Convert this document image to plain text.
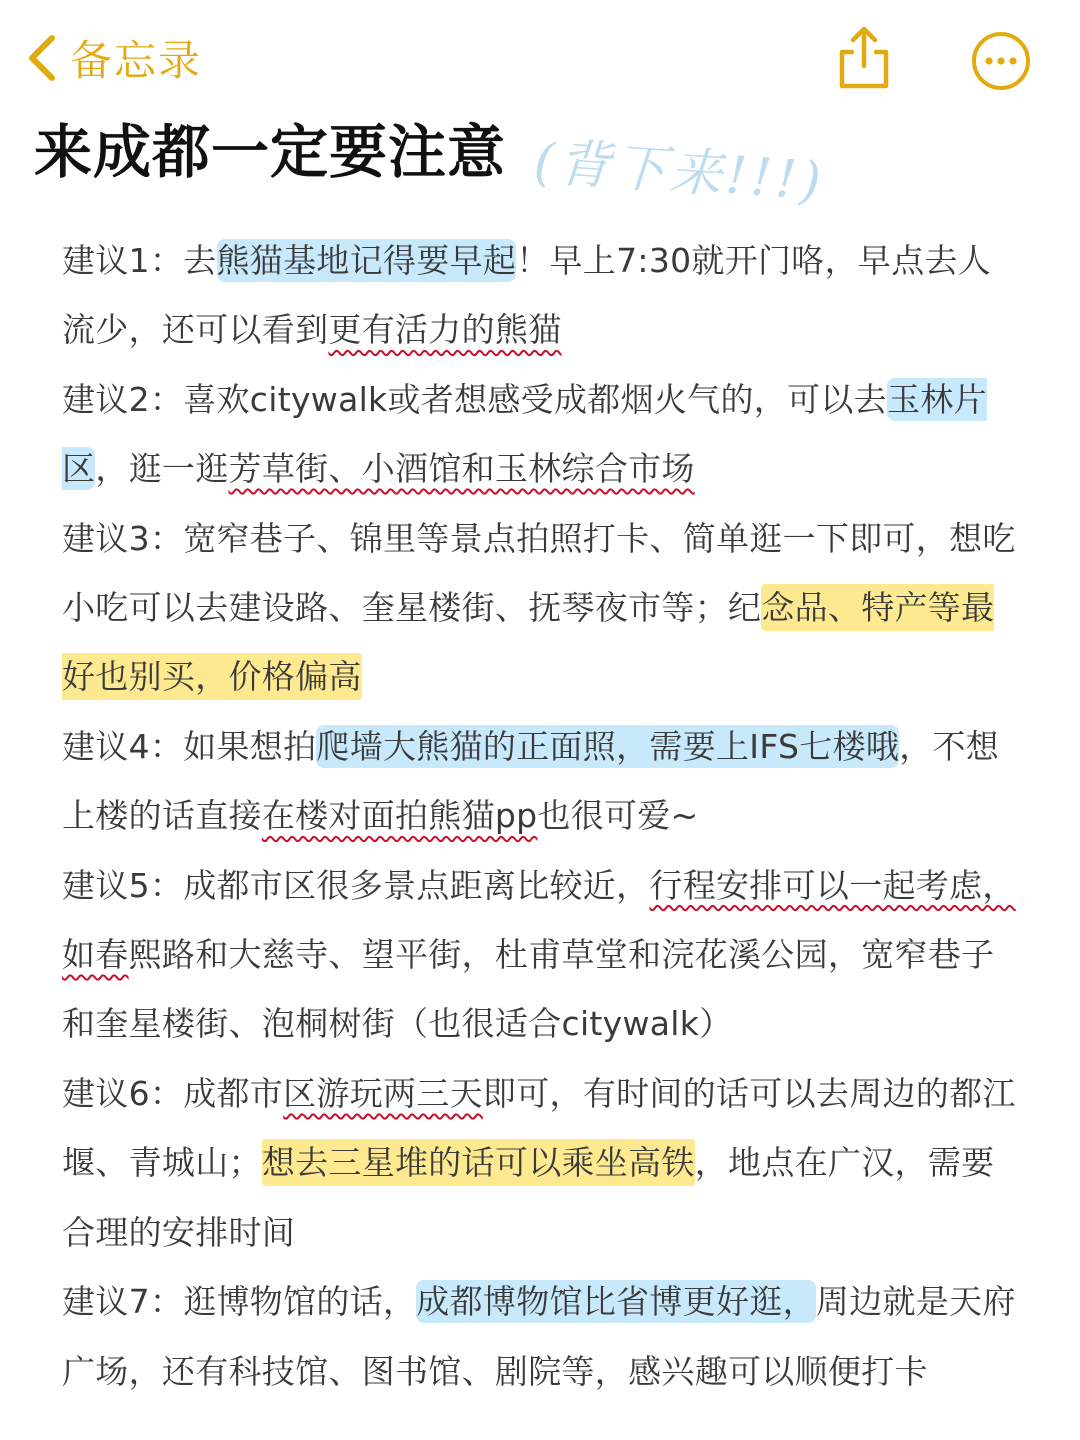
备忘录
来成都一定要注意 (背下来!!!)

建议1：去熊猫基地记得要早起！早上7:30就开门咯，早点去人流少，还可以看到更有活力的熊猫

建议2：喜欢citywalk或者想感受成都烟火气的，可以去玉林片区，逛一逛芳草街、小酒馆和玉林综合市场

建议3：宽窄巷子、锦里等景点拍照打卡、简单逛一下即可，想吃小吃可以去建设路、奎星楼街、抚琴夜市等；纪念品、特产等最好也别买，价格偏高

建议4：如果想拍爬墙大熊猫的正面照，需要上IFS七楼哦，不想上楼的话直接在楼对面拍熊猫pp也很可爱~

建议5：成都市区很多景点距离比较近，行程安排可以一起考虑，如春熙路和大慈寺、望平街，杜甫草堂和浣花溪公园，宽窄巷子和奎星楼街、泡桐树街（也很适合citywalk）

建议6：成都市区游玩两三天即可，有时间的话可以去周边的都江堰、青城山；想去三星堆的话可以乘坐高铁，地点在广汉，需要合理的安排时间

建议7：逛博物馆的话，成都博物馆比省博更好逛，周边就是天府广场，还有科技馆、图书馆、剧院等，感兴趣可以顺便打卡
